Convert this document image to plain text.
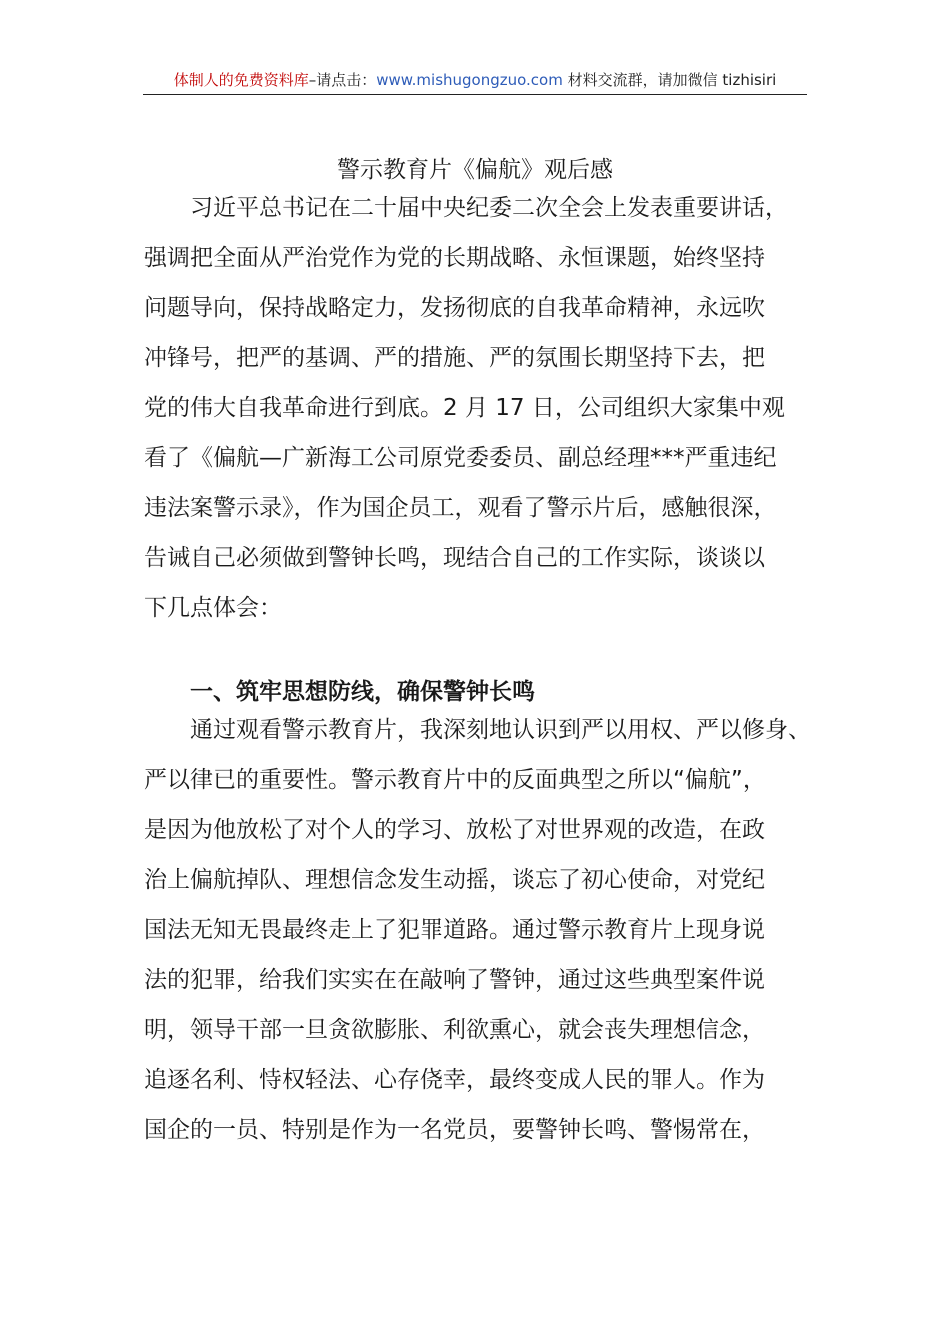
体制人的免费资料库–请点击：www.mishugongzuo.com 材料交流群，请加微信 tizhisiri
警示教育片《偏航》观后感
习近平总书记在二十届中央纪委二次全会上发表重要讲话，
强调把全面从严治党作为党的长期战略、永恒课题，始终坚持
问题导向，保持战略定力，发扬彻底的自我革命精神，永远吹
冲锋号，把严的基调、严的措施、严的氛围长期坚持下去，把
党的伟大自我革命进行到底。2 月 17 日，公司组织大家集中观
看了《偏航—广新海工公司原党委委员、副总经理***严重违纪
违法案警示录》，作为国企员工，观看了警示片后，感触很深，
告诫自己必须做到警钟长鸣，现结合自己的工作实际，谈谈以
下几点体会：
一、筑牢思想防线，确保警钟长鸣
通过观看警示教育片，我深刻地认识到严以用权、严以修身、
严以律已的重要性。警示教育片中的反面典型之所以“偏航”，
是因为他放松了对个人的学习、放松了对世界观的改造，在政
治上偏航掉队、理想信念发生动摇，谈忘了初心使命，对党纪
国法无知无畏最终走上了犯罪道路。通过警示教育片上现身说
法的犯罪，给我们实实在在敲响了警钟，通过这些典型案件说
明，领导干部一旦贪欲膨胀、利欲熏心，就会丧失理想信念，
追逐名利、恃权轻法、心存侥幸，最终变成人民的罪人。作为
国企的一员、特别是作为一名党员，要警钟长鸣、警惕常在，
